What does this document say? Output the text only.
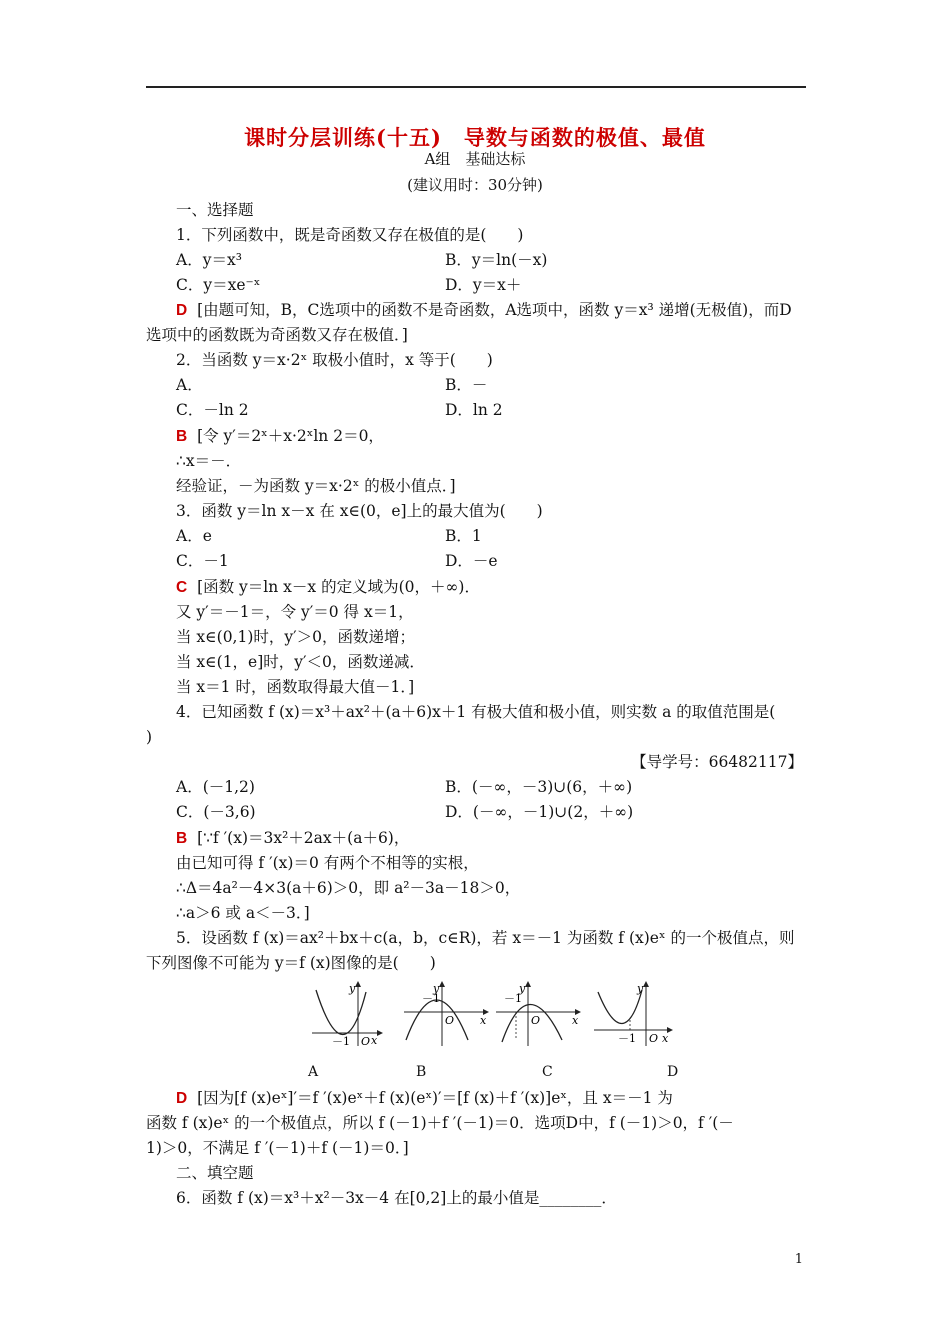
课时分层训练(十五)　导数与函数的极值、最值
A组　基础达标
(建议用时：30分钟)
一、选择题
1．下列函数中，既是奇函数又存在极值的是(　　)
A．y＝x³	B．y＝ln(－x)
C．y＝xe⁻ˣ	D．y＝x＋
D [由题可知，B，C选项中的函数不是奇函数，A选项中，函数 y＝x³ 递增(无极值)，而D
选项中的函数既为奇函数又存在极值．]
2．当函数 y＝x·2ˣ 取极小值时，x 等于(　　)
A．	B．－
C．－ln 2	D．ln 2
B [令 y′＝2ˣ＋x·2ˣln 2＝0，
∴x＝－．
经验证，－为函数 y＝x·2ˣ 的极小值点．]
3．函数 y＝ln x－x 在 x∈(0，e]上的最大值为(　　)
A．e	B．1
C．－1	D．－e
C [函数 y＝ln x－x 的定义域为(0，＋∞)．
又 y′＝－1＝，令 y′＝0 得 x＝1，
当 x∈(0,1)时，y′＞0，函数递增；
当 x∈(1，e]时，y′＜0，函数递减．
当 x＝1 时，函数取得最大值－1．]
4．已知函数 f (x)＝x³＋ax²＋(a＋6)x＋1 有极大值和极小值，则实数 a 的取值范围是(
)
【导学号：66482117】
A．(－1,2)	B．(－∞，－3)∪(6，＋∞)
C．(－3,6)	D．(－∞，－1)∪(2，＋∞)
B [∵f ′(x)＝3x²＋2ax＋(a＋6)，
由已知可得 f ′(x)＝0 有两个不相等的实根，
∴Δ＝4a²－4×3(a＋6)＞0，即 a²－3a－18＞0，
∴a＞6 或 a＜－3．]
5．设函数 f (x)＝ax²＋bx＋c(a，b，c∈R)，若 x＝－1 为函数 f (x)eˣ 的一个极值点，则
下列图像不可能为 y＝f (x)图像的是(　　)
y
x
O
－1
y
x
O
－1
y
x
O
－1
y
x
O
－1
A	B	C	D
D [因为[f (x)eˣ]′＝f ′(x)eˣ＋f (x)(eˣ)′＝[f (x)＋f ′(x)]eˣ，且 x＝－1 为
函数 f (x)eˣ 的一个极值点，所以 f (－1)＋f ′(－1)＝0．选项D中，f (－1)＞0，f ′(－
1)＞0，不满足 f ′(－1)＋f (－1)＝0．]
二、填空题
6．函数 f (x)＝x³＋x²－3x－4 在[0,2]上的最小值是________．
1
